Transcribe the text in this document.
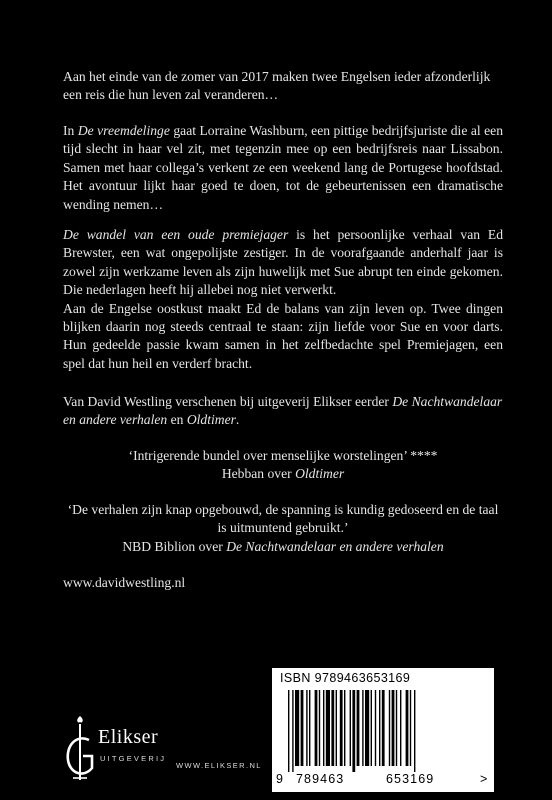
Aan het einde van de zomer van 2017 maken twee Engelsen ieder afzonderlijk een reis die hun leven zal veranderen…

In De vreemdelinge gaat Lorraine Washburn, een pittige bedrijfsjuriste die al een tijd slecht in haar vel zit, met tegenzin mee op een bedrijfsreis naar Lissabon. Samen met haar collega’s verkent ze een weekend lang de Portugese hoofdstad. Het avontuur lijkt haar goed te doen, tot de gebeurtenissen een dramatische wending nemen…

De wandel van een oude premiejager is het persoonlijke verhaal van Ed Brewster, een wat ongepolijste zestiger. In de voorafgaande anderhalf jaar is zowel zijn werkzame leven als zijn huwelijk met Sue abrupt ten einde gekomen. Die nederlagen heeft hij allebei nog niet verwerkt.

Aan de Engelse oostkust maakt Ed de balans van zijn leven op. Twee dingen blijken daarin nog steeds centraal te staan: zijn liefde voor Sue en voor darts. Hun gedeelde passie kwam samen in het zelfbedachte spel Premiejagen, een spel dat hun heil en verderf bracht.

Van David Westling verschenen bij uitgeverij Elikser eerder De Nachtwandelaar en andere verhalen en Oldtimer.

‘Intrigerende bundel over menselijke worstelingen’ ****

Hebban over Oldtimer

‘De verhalen zijn knap opgebouwd, de spanning is kundig gedoseerd en de taal is uitmuntend gebruikt.’

NBD Biblion over De Nachtwandelaar en andere verhalen

www.davidwestling.nl

Elikser
UITGEVERIJ
WWW.ELIKSER.NL
ISBN 9789463653169
9 789463	653169	>
